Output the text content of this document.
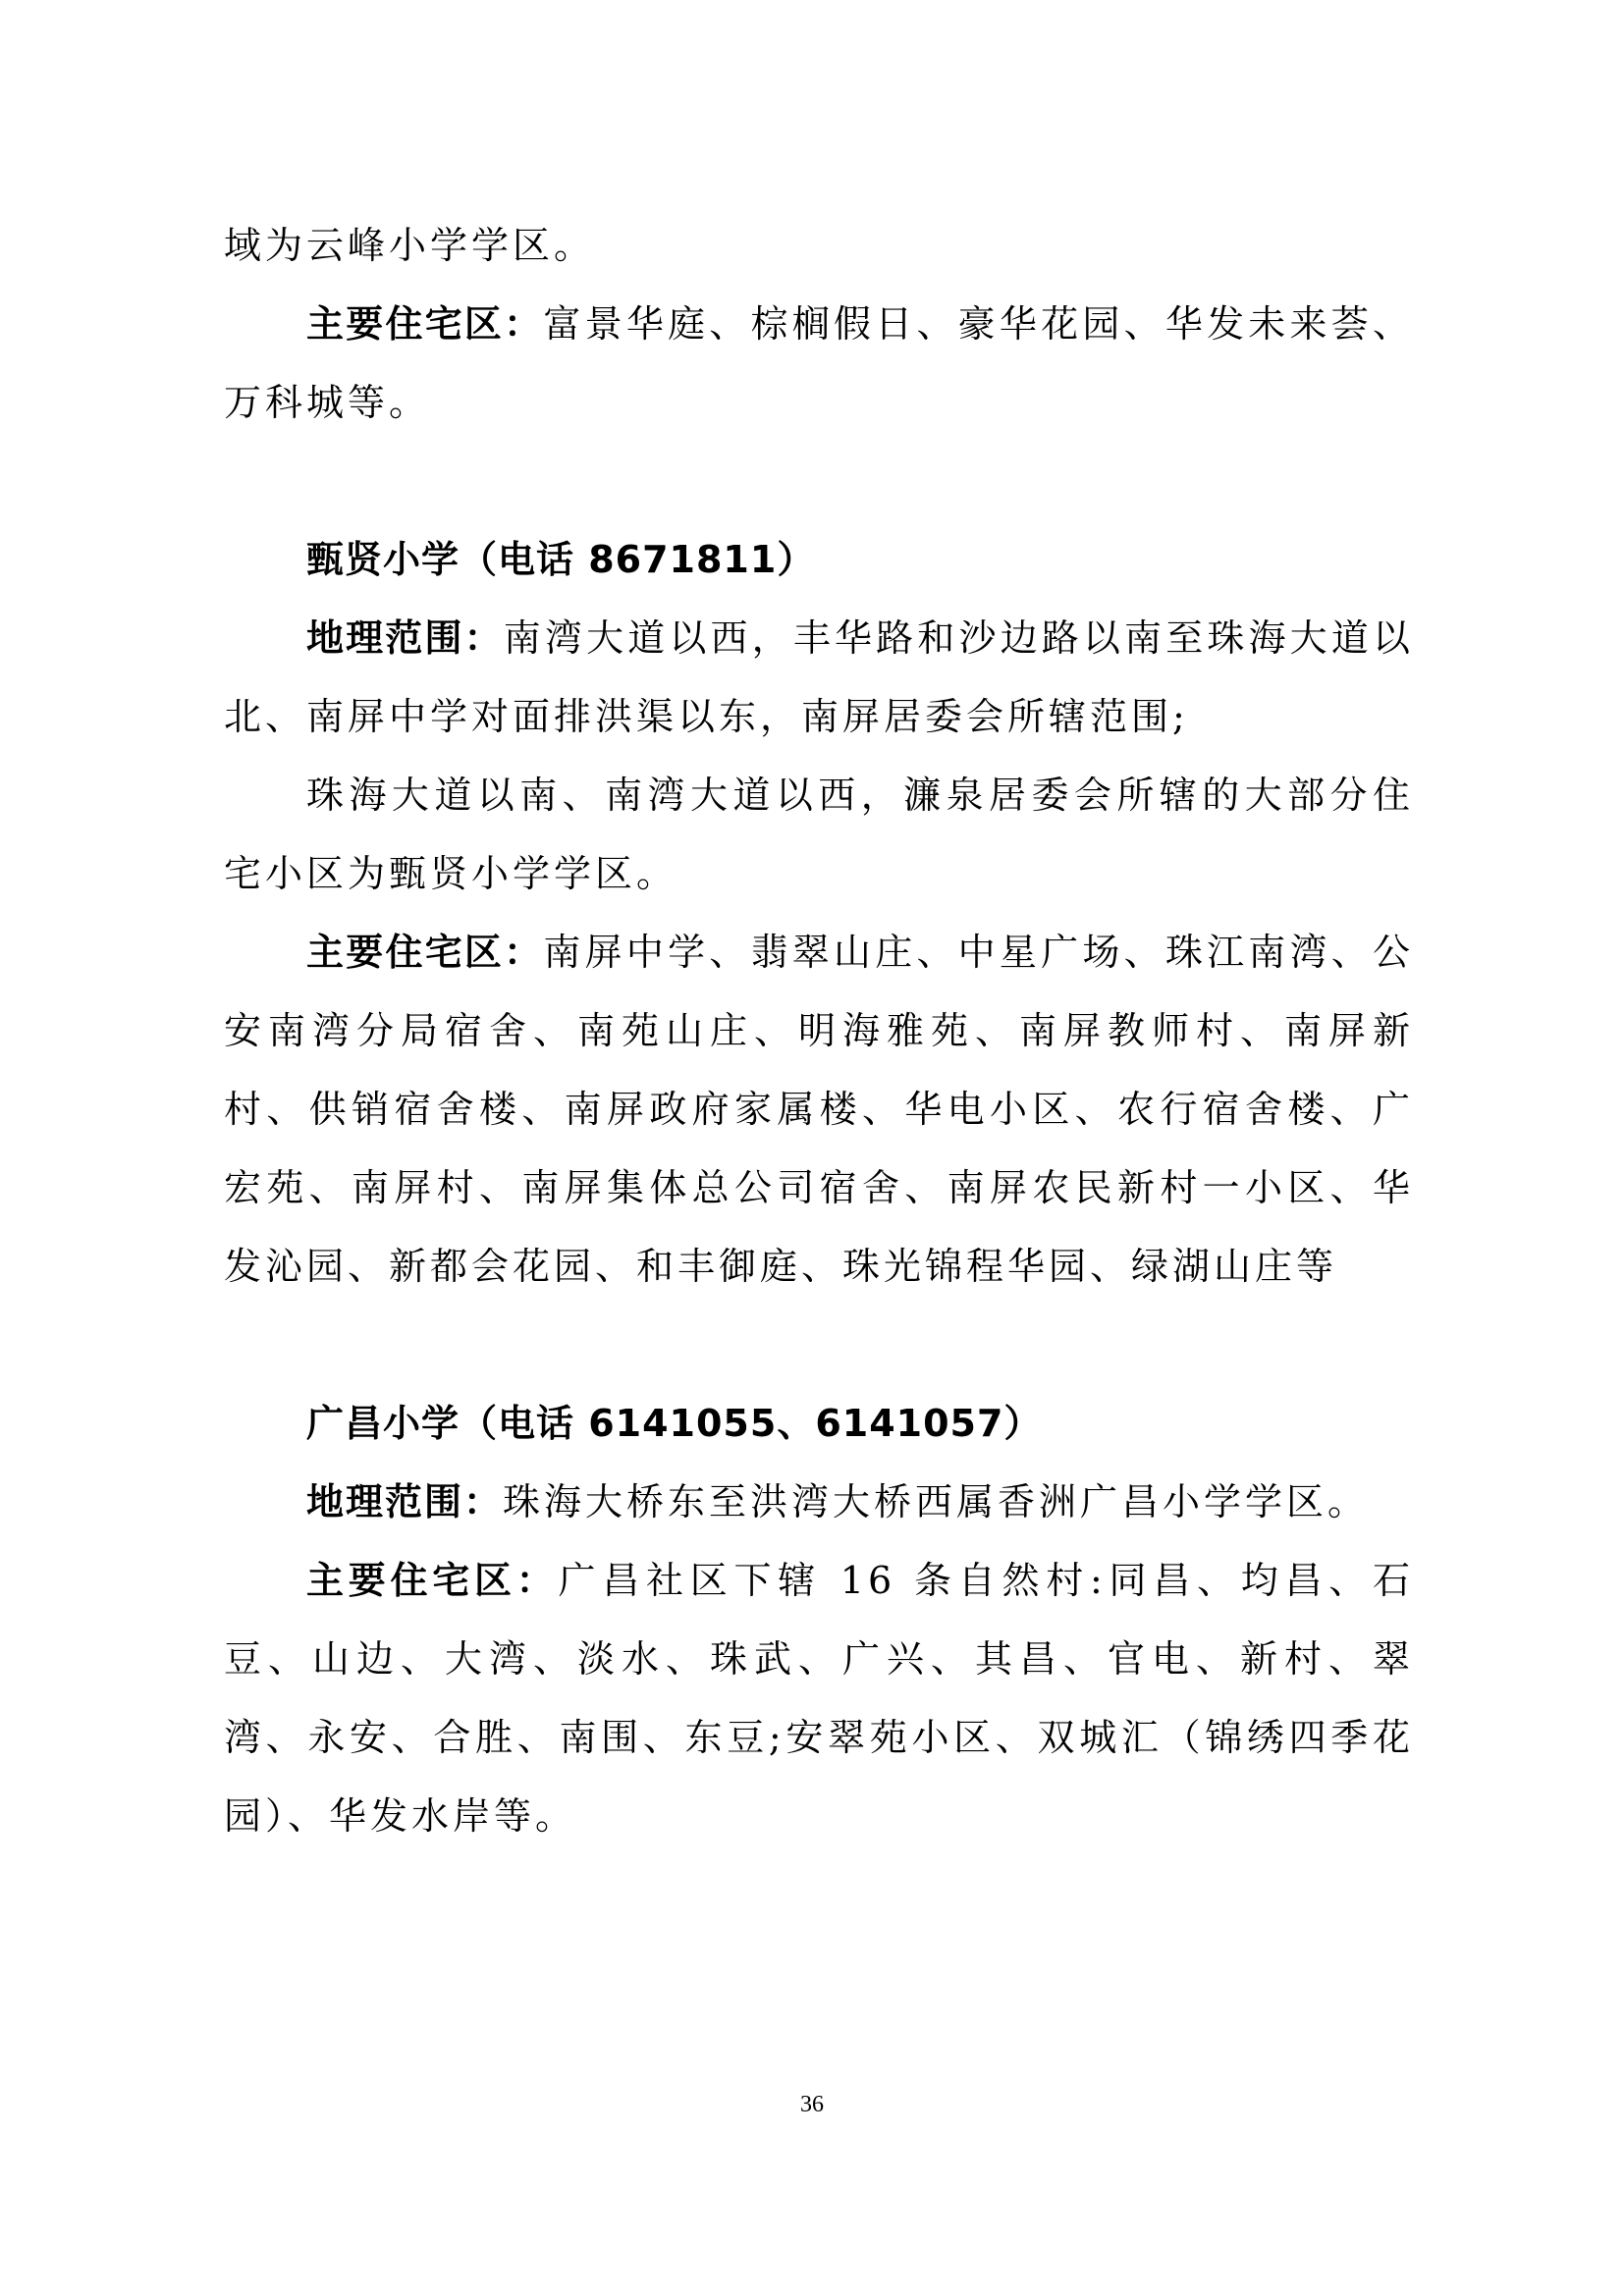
域为云峰小学学区。

主要住宅区：富景华庭、棕榈假日、豪华花园、华发未来荟、万科城等。

甄贤小学（电话 8671811）

地理范围：南湾大道以西，丰华路和沙边路以南至珠海大道以北、南屏中学对面排洪渠以东，南屏居委会所辖范围;

珠海大道以南、南湾大道以西，濂泉居委会所辖的大部分住宅小区为甄贤小学学区。

主要住宅区：南屏中学、翡翠山庄、中星广场、珠江南湾、公安南湾分局宿舍、南苑山庄、明海雅苑、南屏教师村、南屏新村、供销宿舍楼、南屏政府家属楼、华电小区、农行宿舍楼、广宏苑、南屏村、南屏集体总公司宿舍、南屏农民新村一小区、华发沁园、新都会花园、和丰御庭、珠光锦程华园、绿湖山庄等

广昌小学（电话 6141055、6141057）

地理范围：珠海大桥东至洪湾大桥西属香洲广昌小学学区。

主要住宅区：广昌社区下辖 16 条自然村:同昌、均昌、石豆、山边、大湾、淡水、珠武、广兴、其昌、官电、新村、翠湾、永安、合胜、南围、东豆;安翠苑小区、双城汇（锦绣四季花园）、华发水岸等。

36
